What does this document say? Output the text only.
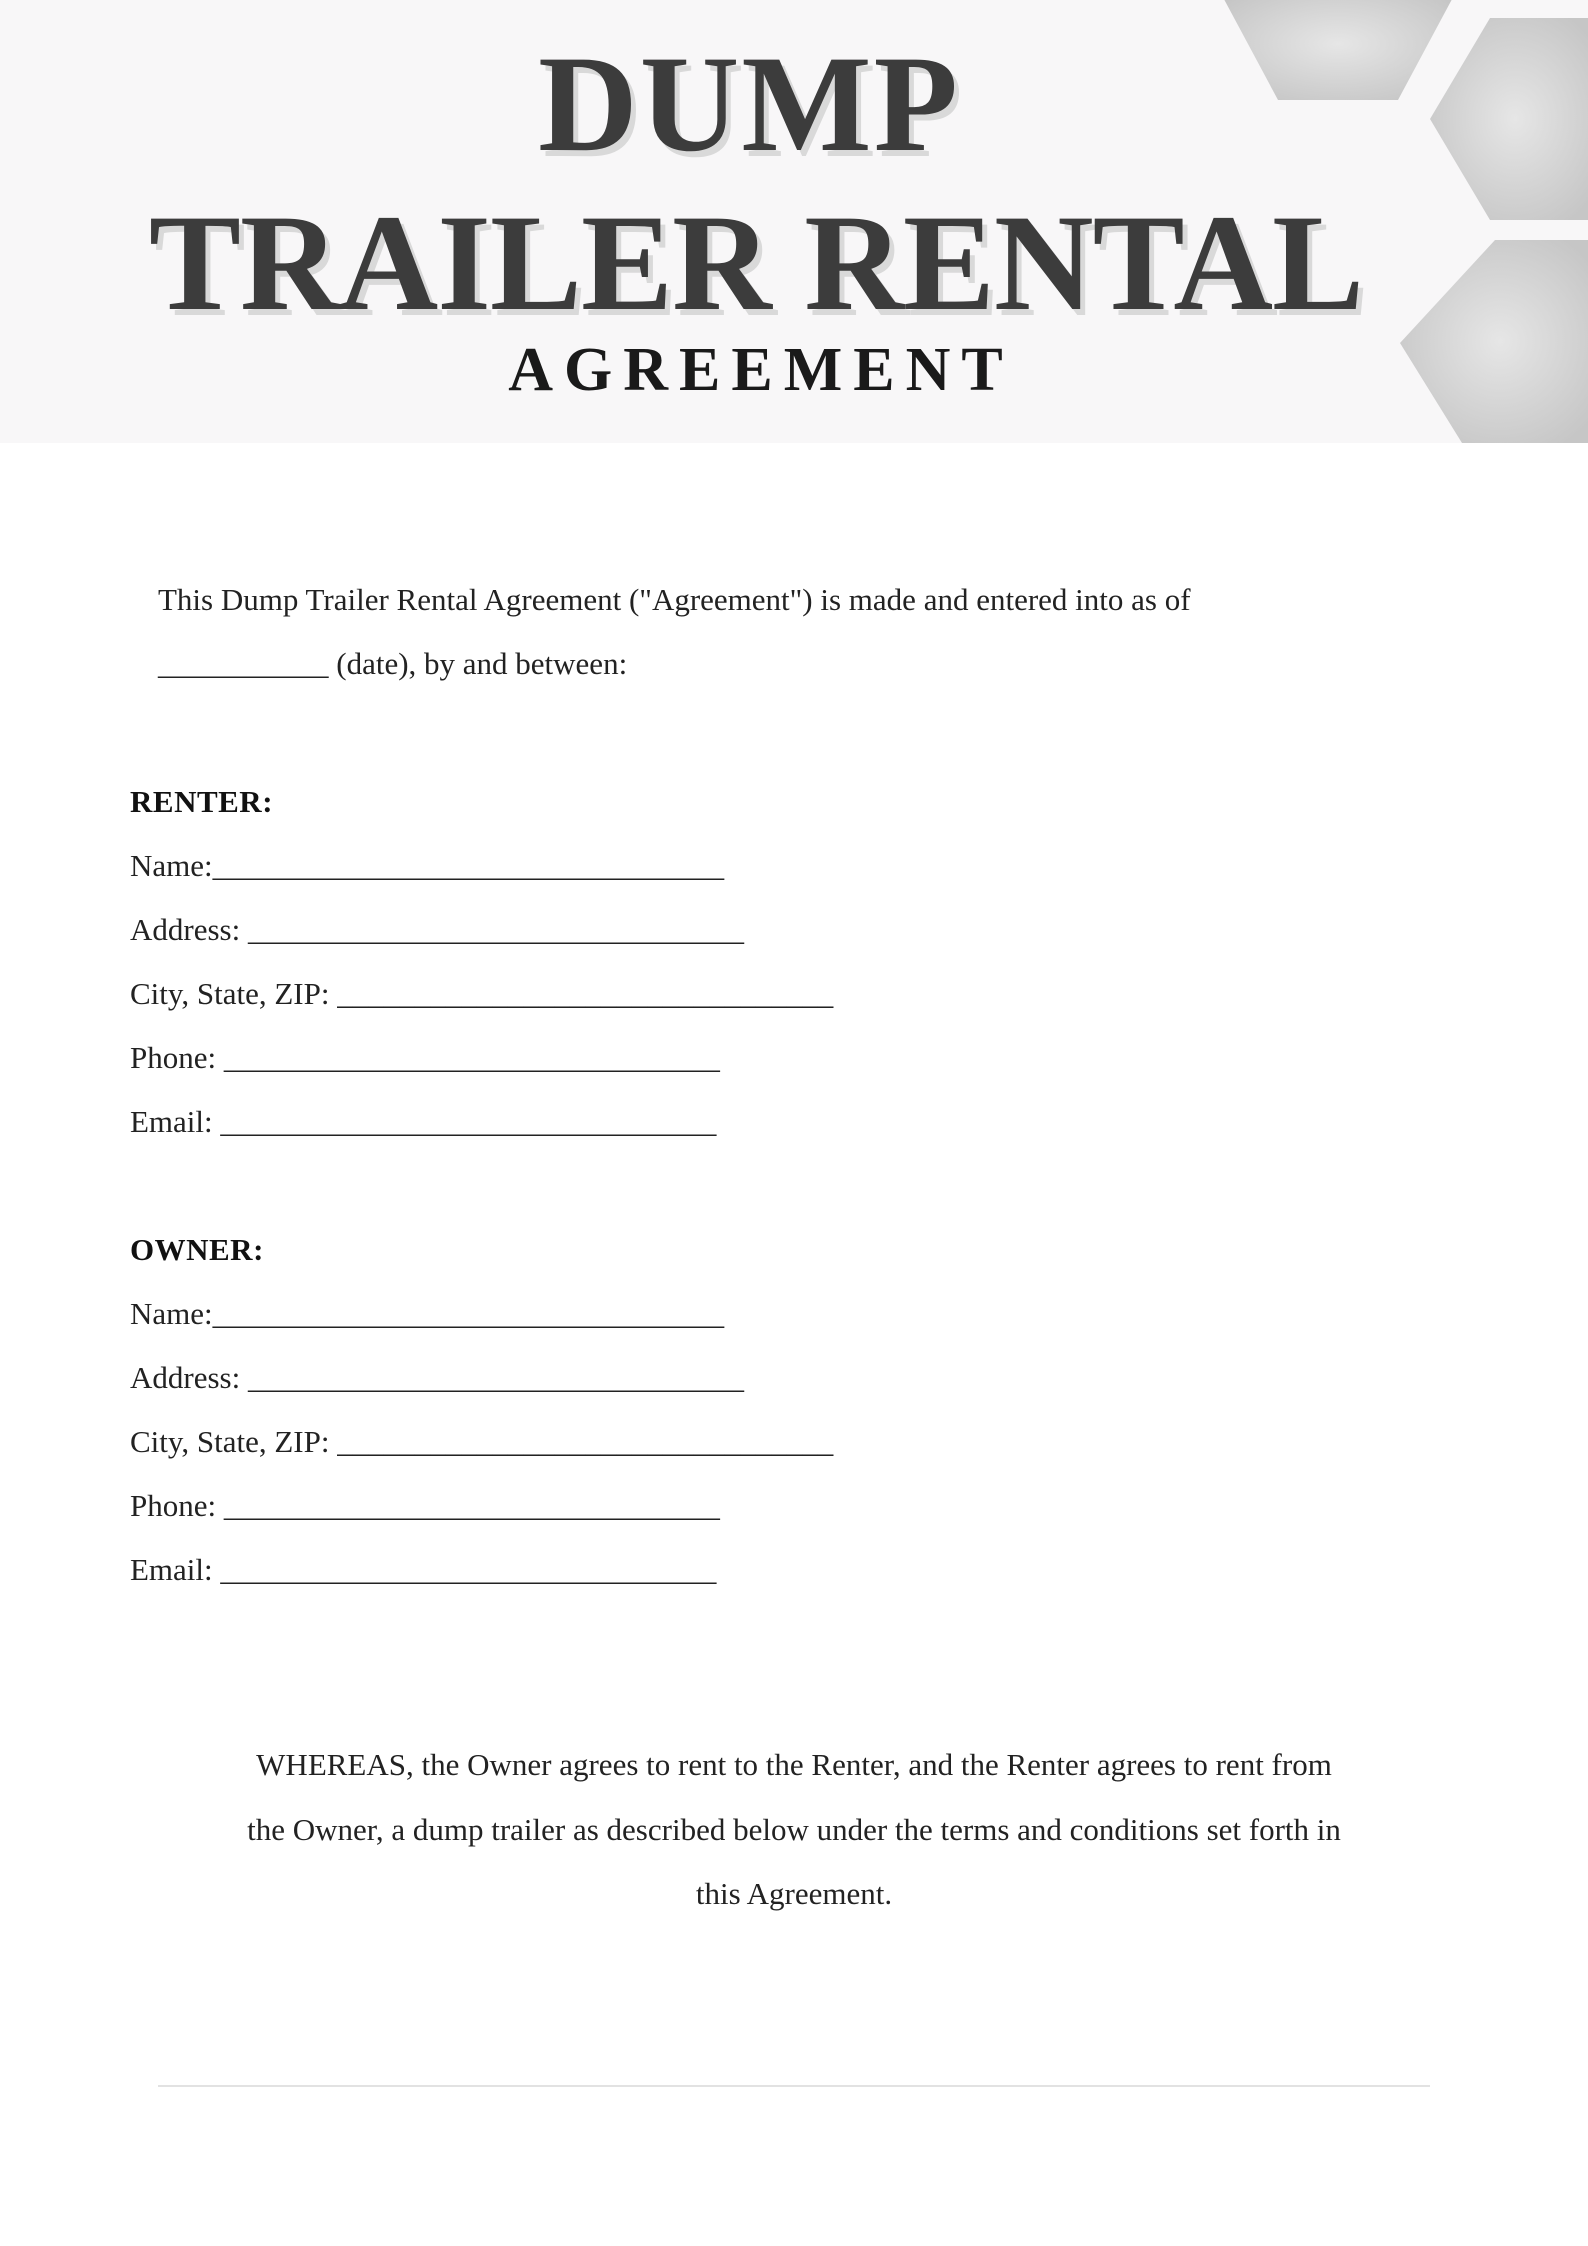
DUMP
TRAILER RENTAL
AGREEMENT

This Dump Trailer Rental Agreement ("Agreement") is made and entered into as of
___________ (date), by and between:

RENTER:
Name:_________________________________
Address: ________________________________
City, State, ZIP: ________________________________
Phone: ________________________________
Email: ________________________________
OWNER:
Name:_________________________________
Address: ________________________________
City, State, ZIP: ________________________________
Phone: ________________________________
Email: ________________________________

WHEREAS, the Owner agrees to rent to the Renter, and the Renter agrees to rent from
the Owner, a dump trailer as described below under the terms and conditions set forth in
this Agreement.
